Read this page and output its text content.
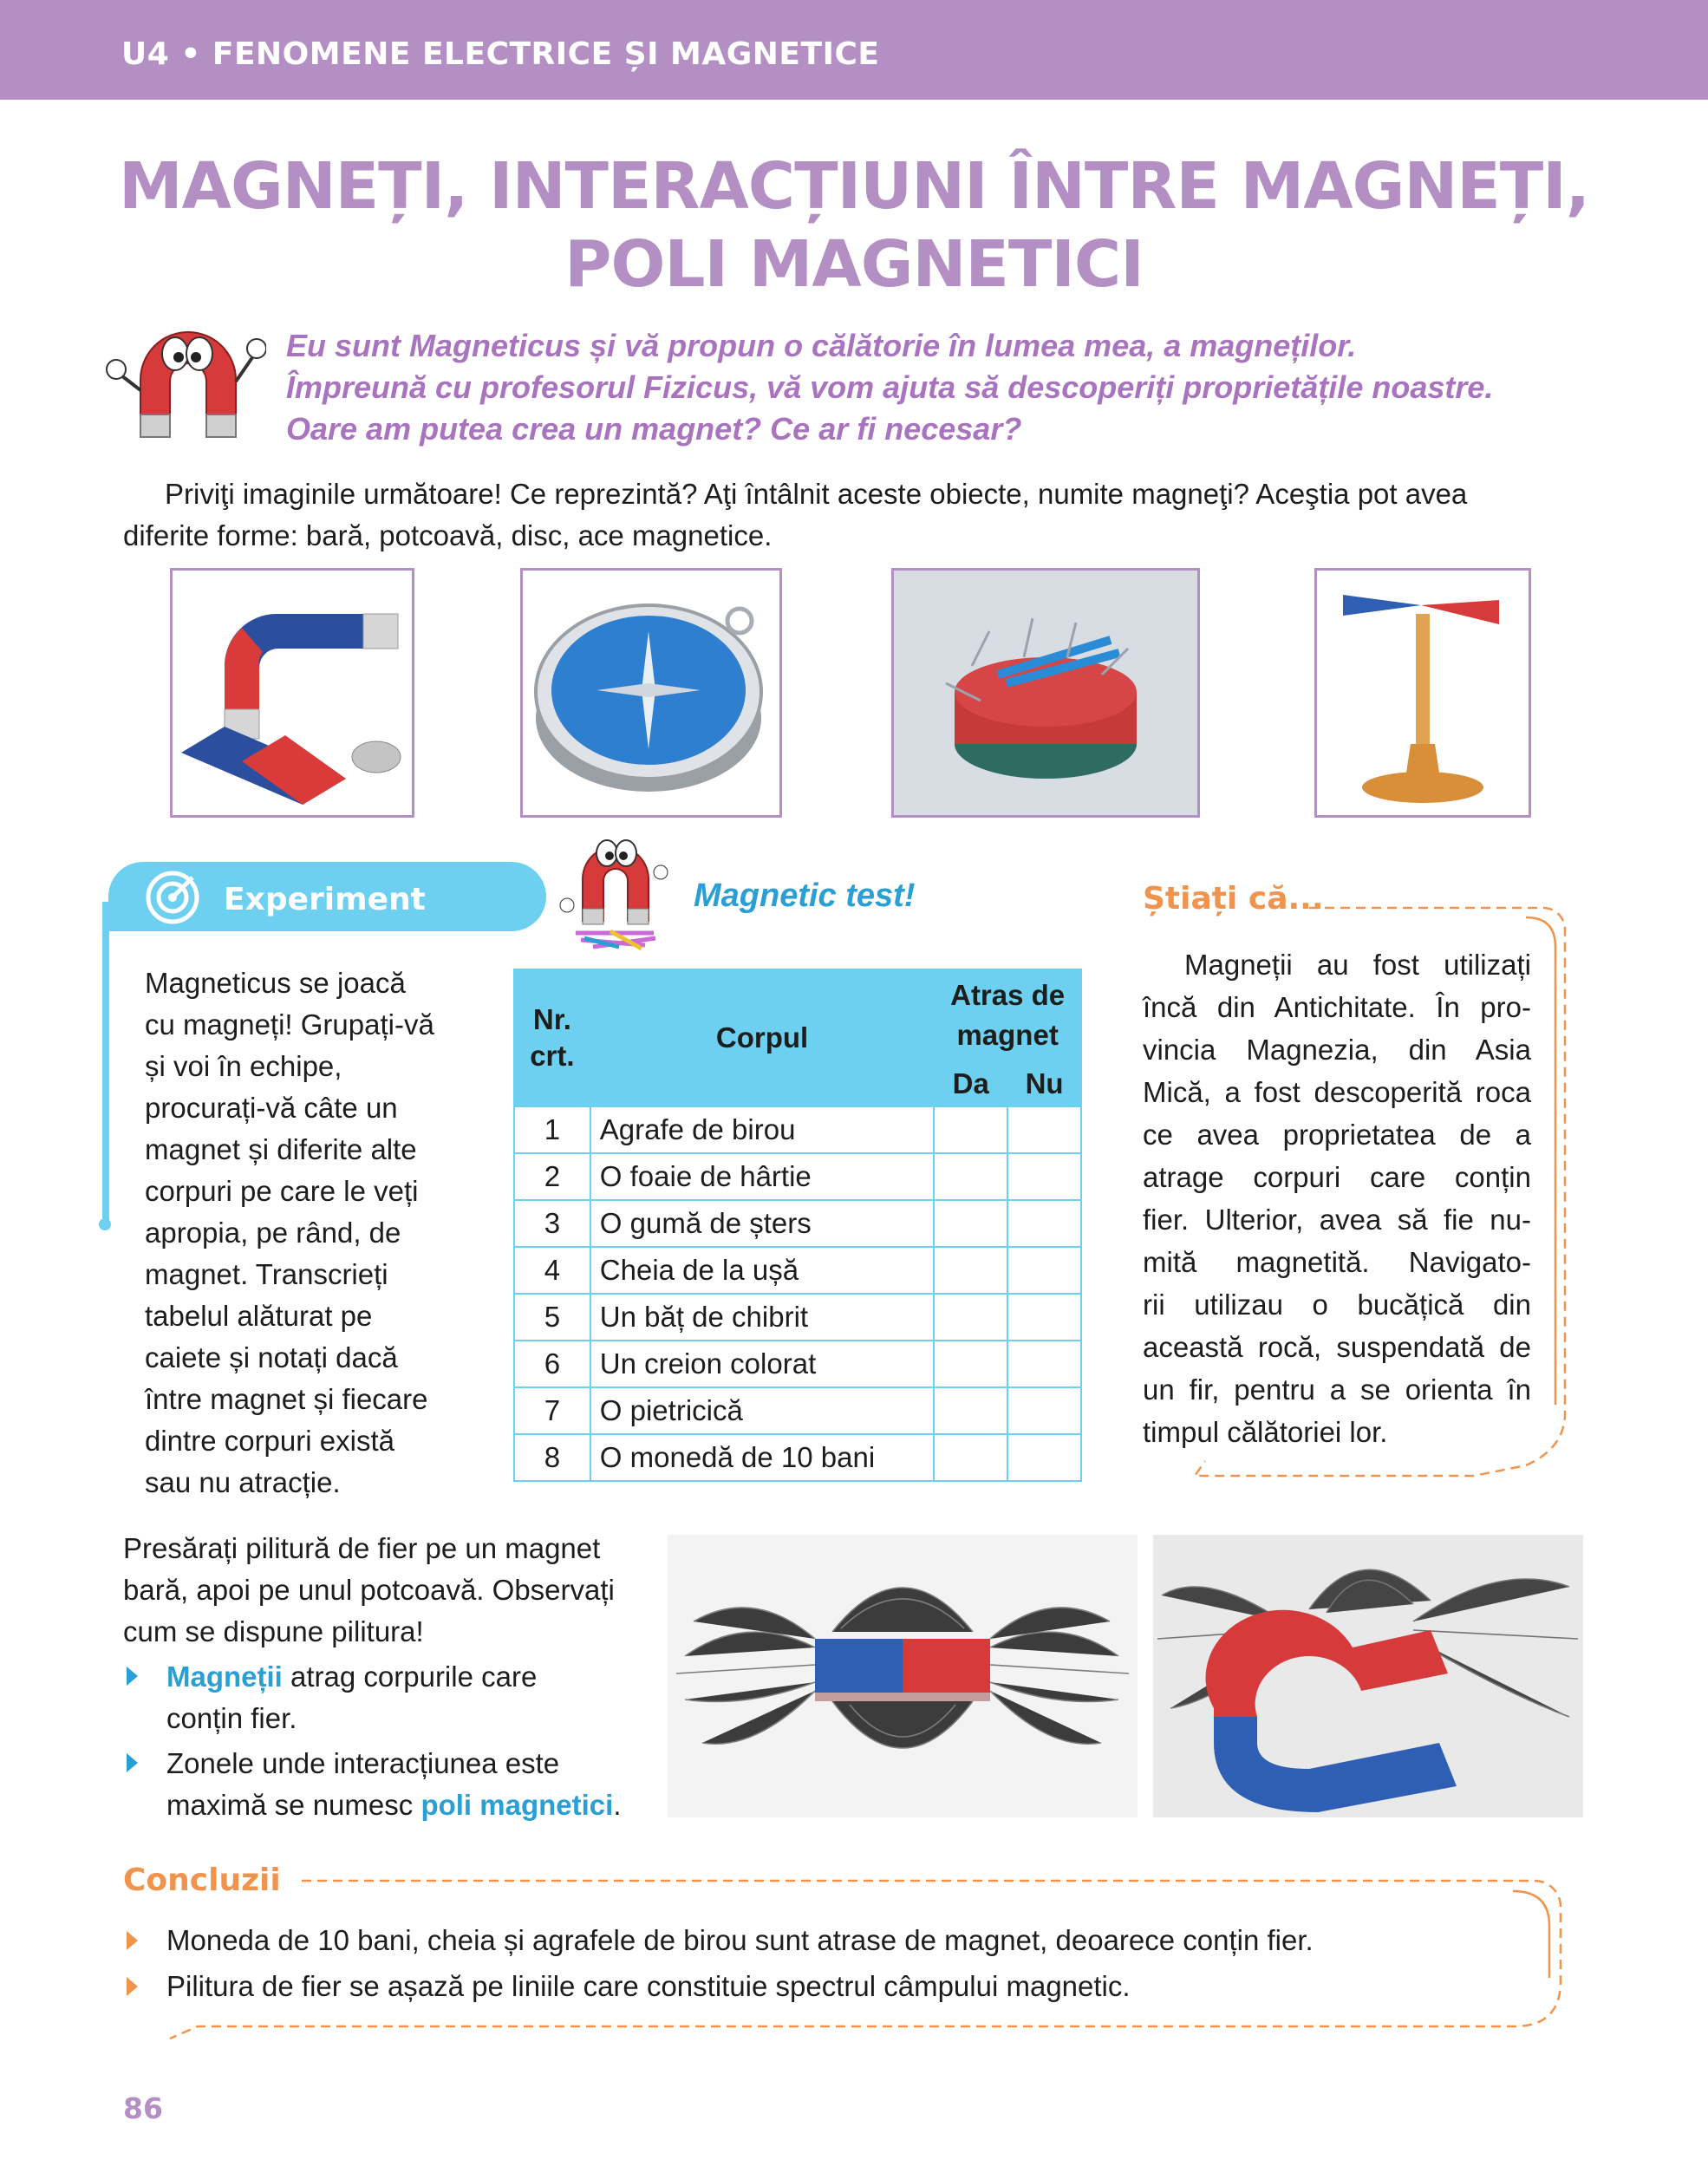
U4 • FENOMENE ELECTRICE ȘI MAGNETICE
MAGNEȚI, INTERACȚIUNI ÎNTRE MAGNEȚI,
POLI MAGNETICI
Eu sunt Magneticus și vă propun o călătorie în lumea mea, a magneților.
Împreună cu profesorul Fizicus, vă vom ajuta să descoperiți proprietățile noastre.
Oare am putea crea un magnet? Ce ar fi necesar?
Priviţi imaginile următoare! Ce reprezintă? Aţi întâlnit aceste obiecte, numite magneţi? Aceştia pot avea
diferite forme: bară, potcoavă, disc, ace magnetice.
Experiment
Magneticus se joacă
cu magneți! Grupați-vă
și voi în echipe,
procurați-vă câte un
magnet și diferite alte
corpuri pe care le veți
apropia, pe rând, de
magnet. Transcrieți
tabelul alăturat pe
caiete și notați dacă
între magnet și fiecare
dintre corpuri există
sau nu atracție.
Magnetic test!
Nr. crt.	Corpul	Atras de magnet	
		Da	Nu
1	Agrafe de birou		
2	O foaie de hârtie		
3	O gumă de șters		
4	Cheia de la ușă		
5	Un băț de chibrit		
6	Un creion colorat		
7	O pietricică		
8	O monedă de 10 bani		
Știați că...
Magneții au fost utilizați
încă din Antichitate. În pro-
vincia Magnezia, din Asia
Mică, a fost descoperită roca
ce avea proprietatea de a
atrage corpuri care conțin
fier. Ulterior, avea să fie nu-
mită magnetită. Navigato-
rii utilizau o bucățică din
această rocă, suspendată de
un fir, pentru a se orienta în
timpul călătoriei lor.
Presărați pilitură de fier pe un magnet
bară, apoi pe unul potcoavă. Observați
cum se dispune pilitura!
Magneții atrag corpurile care
conțin fier.
Zonele unde interacțiunea este
maximă se numesc poli magnetici.
Concluzii
Moneda de 10 bani, cheia și agrafele de birou sunt atrase de magnet, deoarece conțin fier.
Pilitura de fier se așază pe liniile care constituie spectrul câmpului magnetic.
86
